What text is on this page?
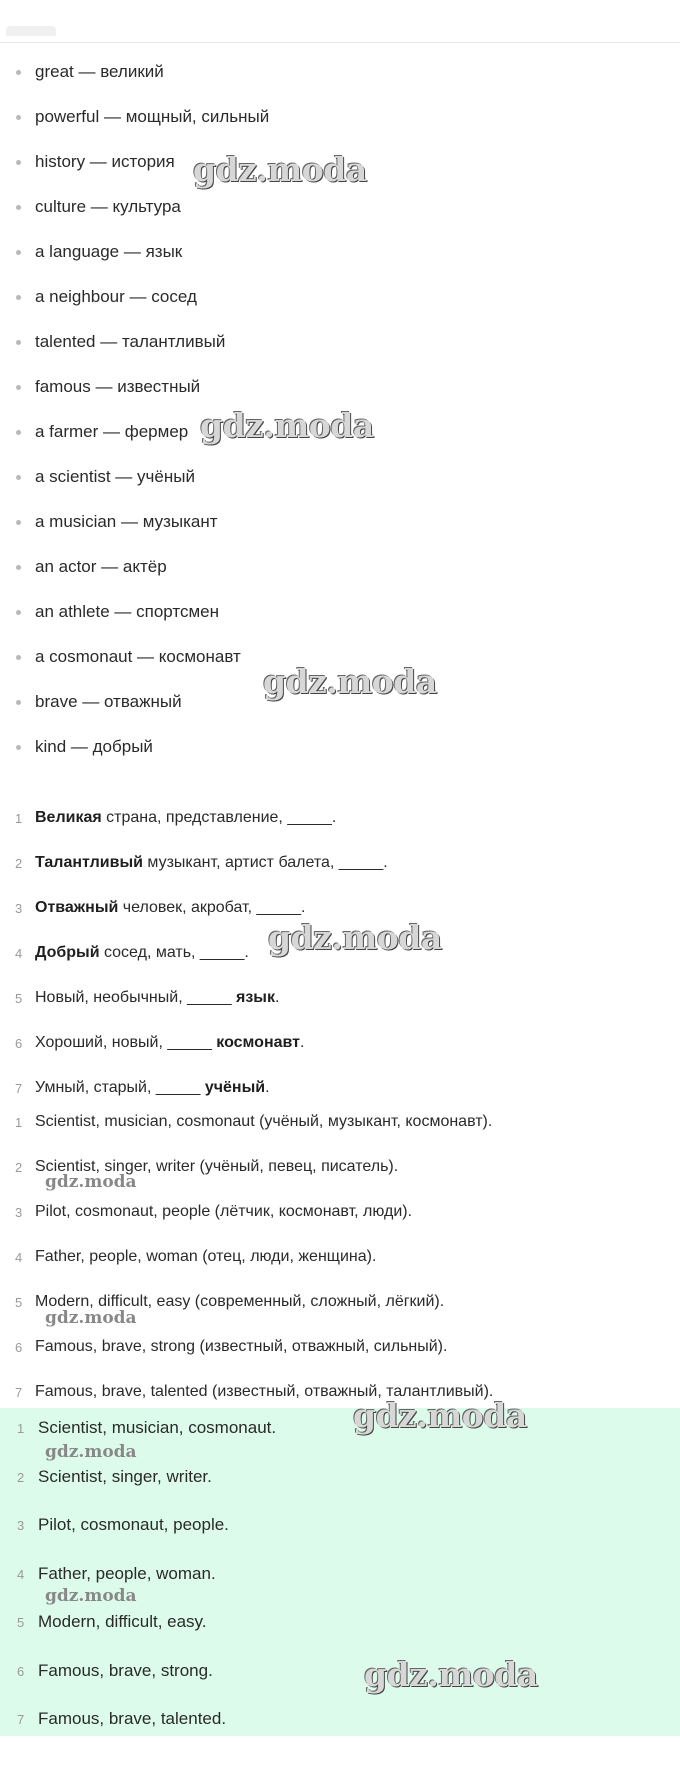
great — великий
powerful — мощный, сильный
history — история
culture — культура
a language — язык
a neighbour — сосед
talented — талантливый
famous — известный
a farmer — фермер
a scientist — учёный
a musician — музыкант
an actor — актёр
an athlete — спортсмен
a cosmonaut — космонавт
brave — отважный
kind — добрый
1 Великая страна, представление, _____.
2 Талантливый музыкант, артист балета, _____.
3 Отважный человек, акробат, _____.
4 Добрый сосед, мать, _____.
5 Новый, необычный, _____ язык.
6 Хороший, новый, _____ космонавт.
7 Умный, старый, _____ учёный.
1 Scientist, musician, cosmonaut (учёный, музыкант, космонавт).
2 Scientist, singer, writer (учёный, певец, писатель).
3 Pilot, cosmonaut, people (лётчик, космонавт, люди).
4 Father, people, woman (отец, люди, женщина).
5 Modern, difficult, easy (современный, сложный, лёгкий).
6 Famous, brave, strong (известный, отважный, сильный).
7 Famous, brave, talented (известный, отважный, талантливый).
1 Scientist, musician, cosmonaut.
2 Scientist, singer, writer.
3 Pilot, cosmonaut, people.
4 Father, people, woman.
5 Modern, difficult, easy.
6 Famous, brave, strong.
7 Famous, brave, talented.
gdz.moda
gdz.moda
gdz.moda
gdz.moda
gdz.moda
gdz.moda
gdz.moda
gdz.moda
gdz.moda
gdz.moda
